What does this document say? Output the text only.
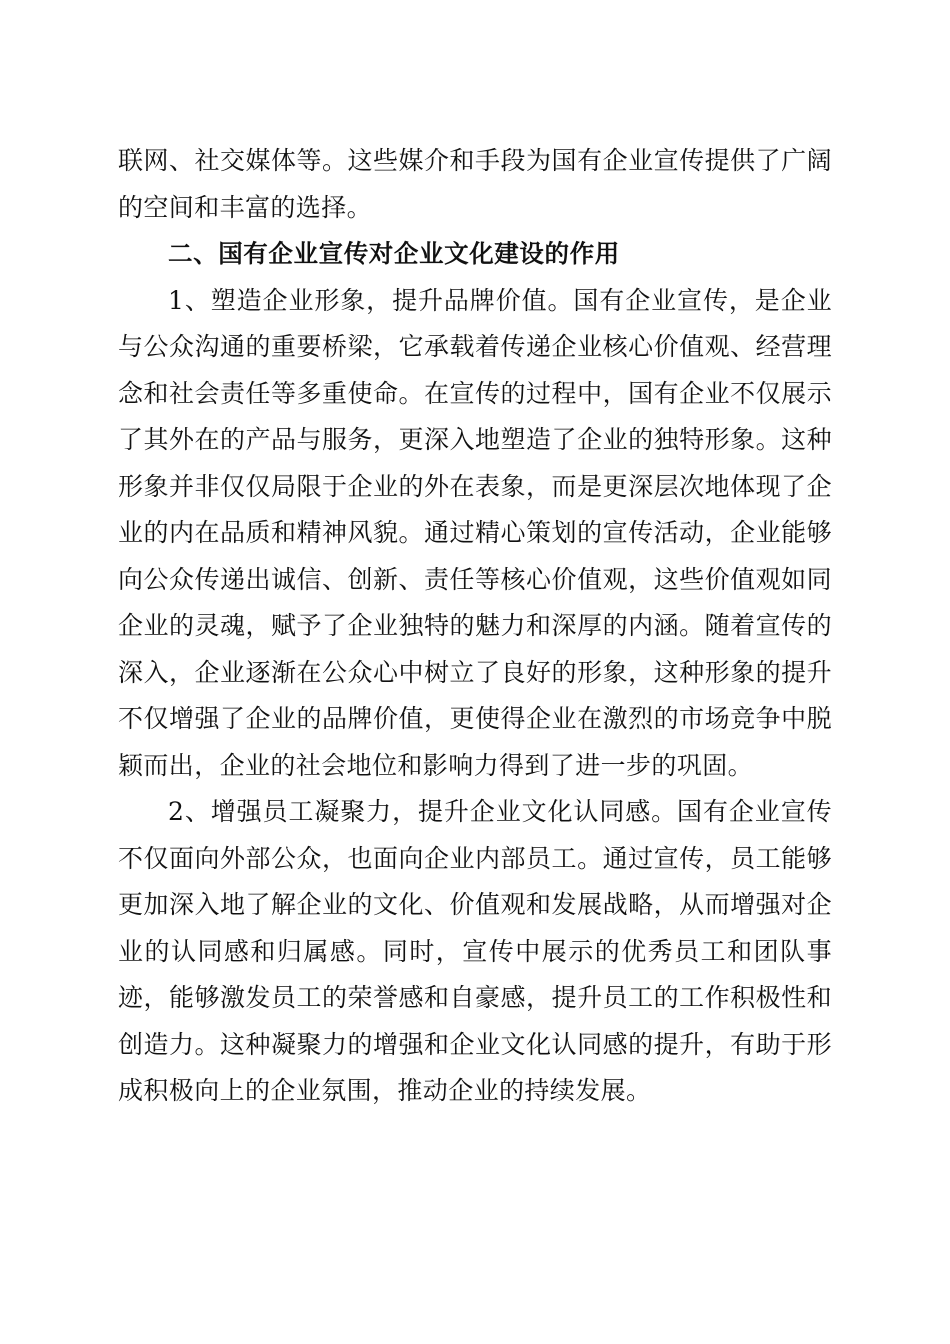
联网、社交媒体等。这些媒介和手段为国有企业宣传提供了广阔的空间和丰富的选择。

二、国有企业宣传对企业文化建设的作用

1、塑造企业形象，提升品牌价值。国有企业宣传，是企业与公众沟通的重要桥梁，它承载着传递企业核心价值观、经营理念和社会责任等多重使命。在宣传的过程中，国有企业不仅展示了其外在的产品与服务，更深入地塑造了企业的独特形象。这种形象并非仅仅局限于企业的外在表象，而是更深层次地体现了企业的内在品质和精神风貌。通过精心策划的宣传活动，企业能够向公众传递出诚信、创新、责任等核心价值观，这些价值观如同企业的灵魂，赋予了企业独特的魅力和深厚的内涵。随着宣传的深入，企业逐渐在公众心中树立了良好的形象，这种形象的提升不仅增强了企业的品牌价值，更使得企业在激烈的市场竞争中脱颖而出，企业的社会地位和影响力得到了进一步的巩固。

2、增强员工凝聚力，提升企业文化认同感。国有企业宣传不仅面向外部公众，也面向企业内部员工。通过宣传，员工能够更加深入地了解企业的文化、价值观和发展战略，从而增强对企业的认同感和归属感。同时，宣传中展示的优秀员工和团队事迹，能够激发员工的荣誉感和自豪感，提升员工的工作积极性和创造力。这种凝聚力的增强和企业文化认同感的提升，有助于形成积极向上的企业氛围，推动企业的持续发展。
